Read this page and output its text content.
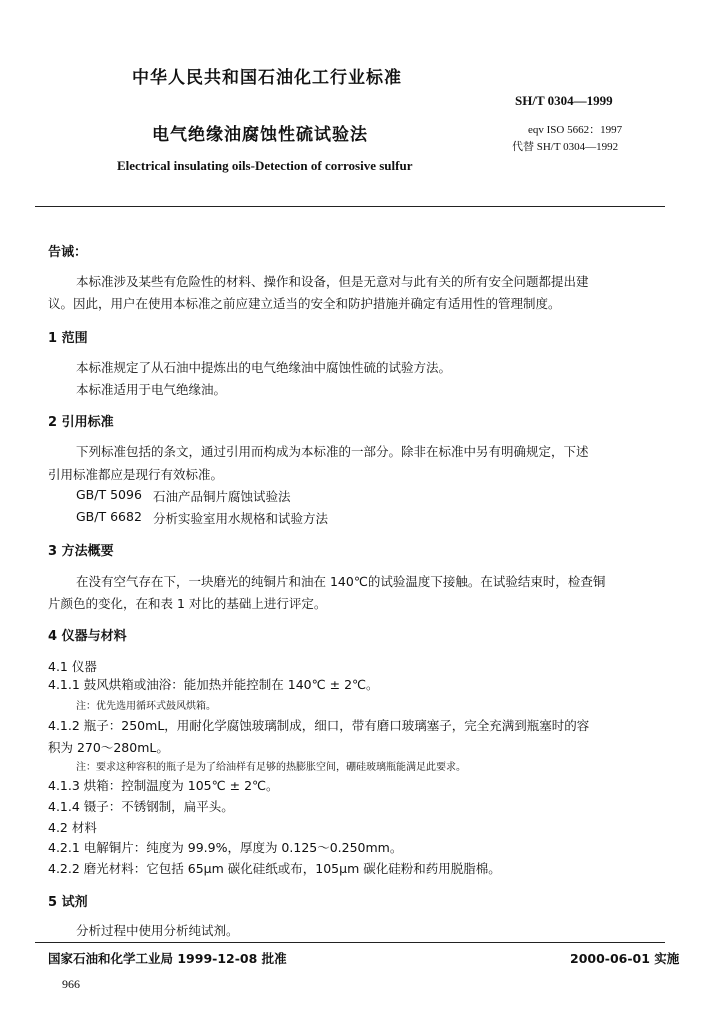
中华人民共和国石油化工行业标准
SH/T 0304—1999
电气绝缘油腐蚀性硫试验法	eqv ISO 5662：1997
代替 SH/T 0304—1992
Electrical insulating oils-Detection of corrosive sulfur
告诫：
本标准涉及某些有危险性的材料、操作和设备，但是无意对与此有关的所有安全问题都提出建
议。因此，用户在使用本标准之前应建立适当的安全和防护措施并确定有适用性的管理制度。
1 范围
本标准规定了从石油中提炼出的电气绝缘油中腐蚀性硫的试验方法。
本标准适用于电气绝缘油。
2 引用标准
下列标准包括的条文，通过引用而构成为本标准的一部分。除非在标准中另有明确规定，下述
引用标准都应是现行有效标准。
GB/T 5096 石油产品铜片腐蚀试验法
GB/T 6682 分析实验室用水规格和试验方法
3 方法概要
在没有空气存在下，一块磨光的纯铜片和油在 140℃的试验温度下接触。在试验结束时，检查铜
片颜色的变化，在和表 1 对比的基础上进行评定。
4 仪器与材料
4.1 仪器
4.1.1 鼓风烘箱或油浴：能加热并能控制在 140℃ ± 2℃。
注：优先选用循环式鼓风烘箱。
4.1.2 瓶子：250mL，用耐化学腐蚀玻璃制成，细口，带有磨口玻璃塞子，完全充满到瓶塞时的容
积为 270～280mL。
注：要求这种容积的瓶子是为了给油样有足够的热膨胀空间，硼硅玻璃瓶能满足此要求。
4.1.3 烘箱：控制温度为 105℃ ± 2℃。
4.1.4 镊子：不锈钢制，扁平头。
4.2 材料
4.2.1 电解铜片：纯度为 99.9%，厚度为 0.125～0.250mm。
4.2.2 磨光材料：它包括 65μm 碳化硅纸或布，105μm 碳化硅粉和药用脱脂棉。
5 试剂
分析过程中使用分析纯试剂。
国家石油和化学工业局 1999-12-08 批准	2000-06-01 实施
966
